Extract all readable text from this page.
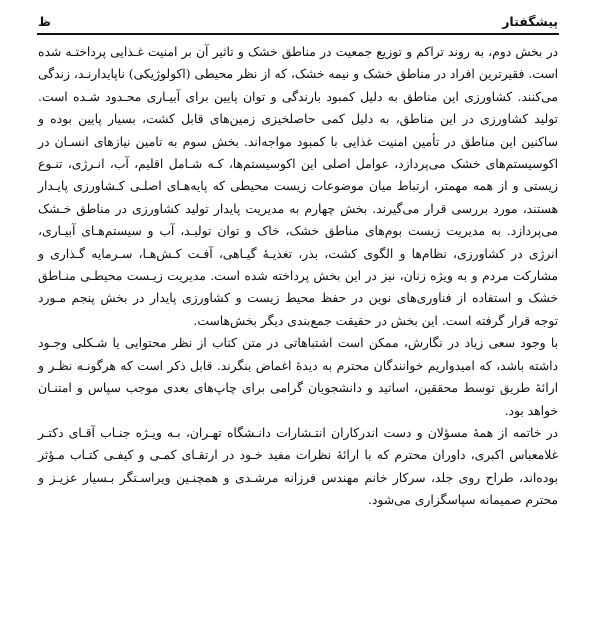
پیشگفتار
ظ

در بخش دوم، به روند تراکم و توزیع جمعیت در مناطق خشک و تاثیر آن بر امنیت غـذایی پرداختـه شده است. فقیرترین افراد در مناطق خشک و نیمه خشک، که از نظر محیطی (اکولوژیکی) ناپایدارنـد، زندگی می‌کنند. کشاورزی این مناطق به دلیل کمبود بارندگی و توان پایین برای آبیـاری محـدود شـده است. تولید کشاورزی در این مناطق، به دلیل کمی حاصلخیزی زمین‌های قابل کشت، بسیار پایین بوده و ساکنین این مناطق در تأمین امنیت غذایی با کمبود مواجه‌اند. بخش سوم به تامین نیازهای انسـان در اکوسیستم‌های خشک می‌پردازد، عوامل اصلی این اکوسیستم‌ها، کـه شـامل اقلیم، آب، انـرژی، تنـوع زیستی و از همه مهمتر، ارتباط میان موضوعات زیست محیطی که پایه‌هـای اصلـی کـشاورزی پایـدار هستند، مورد بررسی قرار می‌گیرند. بخش چهارم به مدیریت پایدار تولید کشاورزی در مناطق خـشک می‌پردازد. به مدیریت زیست بوم‌های مناطق خشک، خاک و توان تولیـد، آب و سیستم‌هـای آبیـاری، انرژی در کشاورزی، نظام‌ها و الگوی کشت، بذر، تغذیـهٔ گیـاهی، آفـت کـش‌هـا، سـرمایه گـذاری و مشارکت مردم و به ویژه زنان، نیز در این بخش پرداخته شده است. مدیریت زیـست محیطـی منـاطق خشک و استفاده از فناوری‌های نوین در حفظ محیط زیست و کشاورزی پایدار در بخش پنجم مـورد توجه قرار گرفته است. این بخش در حقیقت جمع‌بندی دیگر بخش‌هاست.

با وجود سعی زیاد در نگارش، ممکن است اشتباهاتی در متن کتاب از نظر محتوایی یا شـکلی وجـود داشته باشد، که امیدواریم خوانندگان محترم به دیدهٔ اغماض بنگرند. قابل ذکر است که هرگونـه نظـر و ارائهٔ طریق توسط محققین، اساتید و دانشجویان گرامی برای چاپ‌های بعدی موجب سپاس و امتنـان خواهد بود.

در خاتمه از همهٔ مسؤلان و دست اندرکاران انتـشارات دانـشگاه تهـران، بـه ویـژه جنـاب آقـای دکتـر غلامعباس اکبری، داوران محترم که با ارائهٔ نظرات مفید خـود در ارتقـای کمـی و کیفـی کتـاب مـؤثر بوده‌اند، طراح روی جلد، سرکار خانم مهندس فرزانه مرشـدی و همچنـین ویراسـتگر بـسیار عزیـز و محترم صمیمانه سپاسگزاری می‌شود.
